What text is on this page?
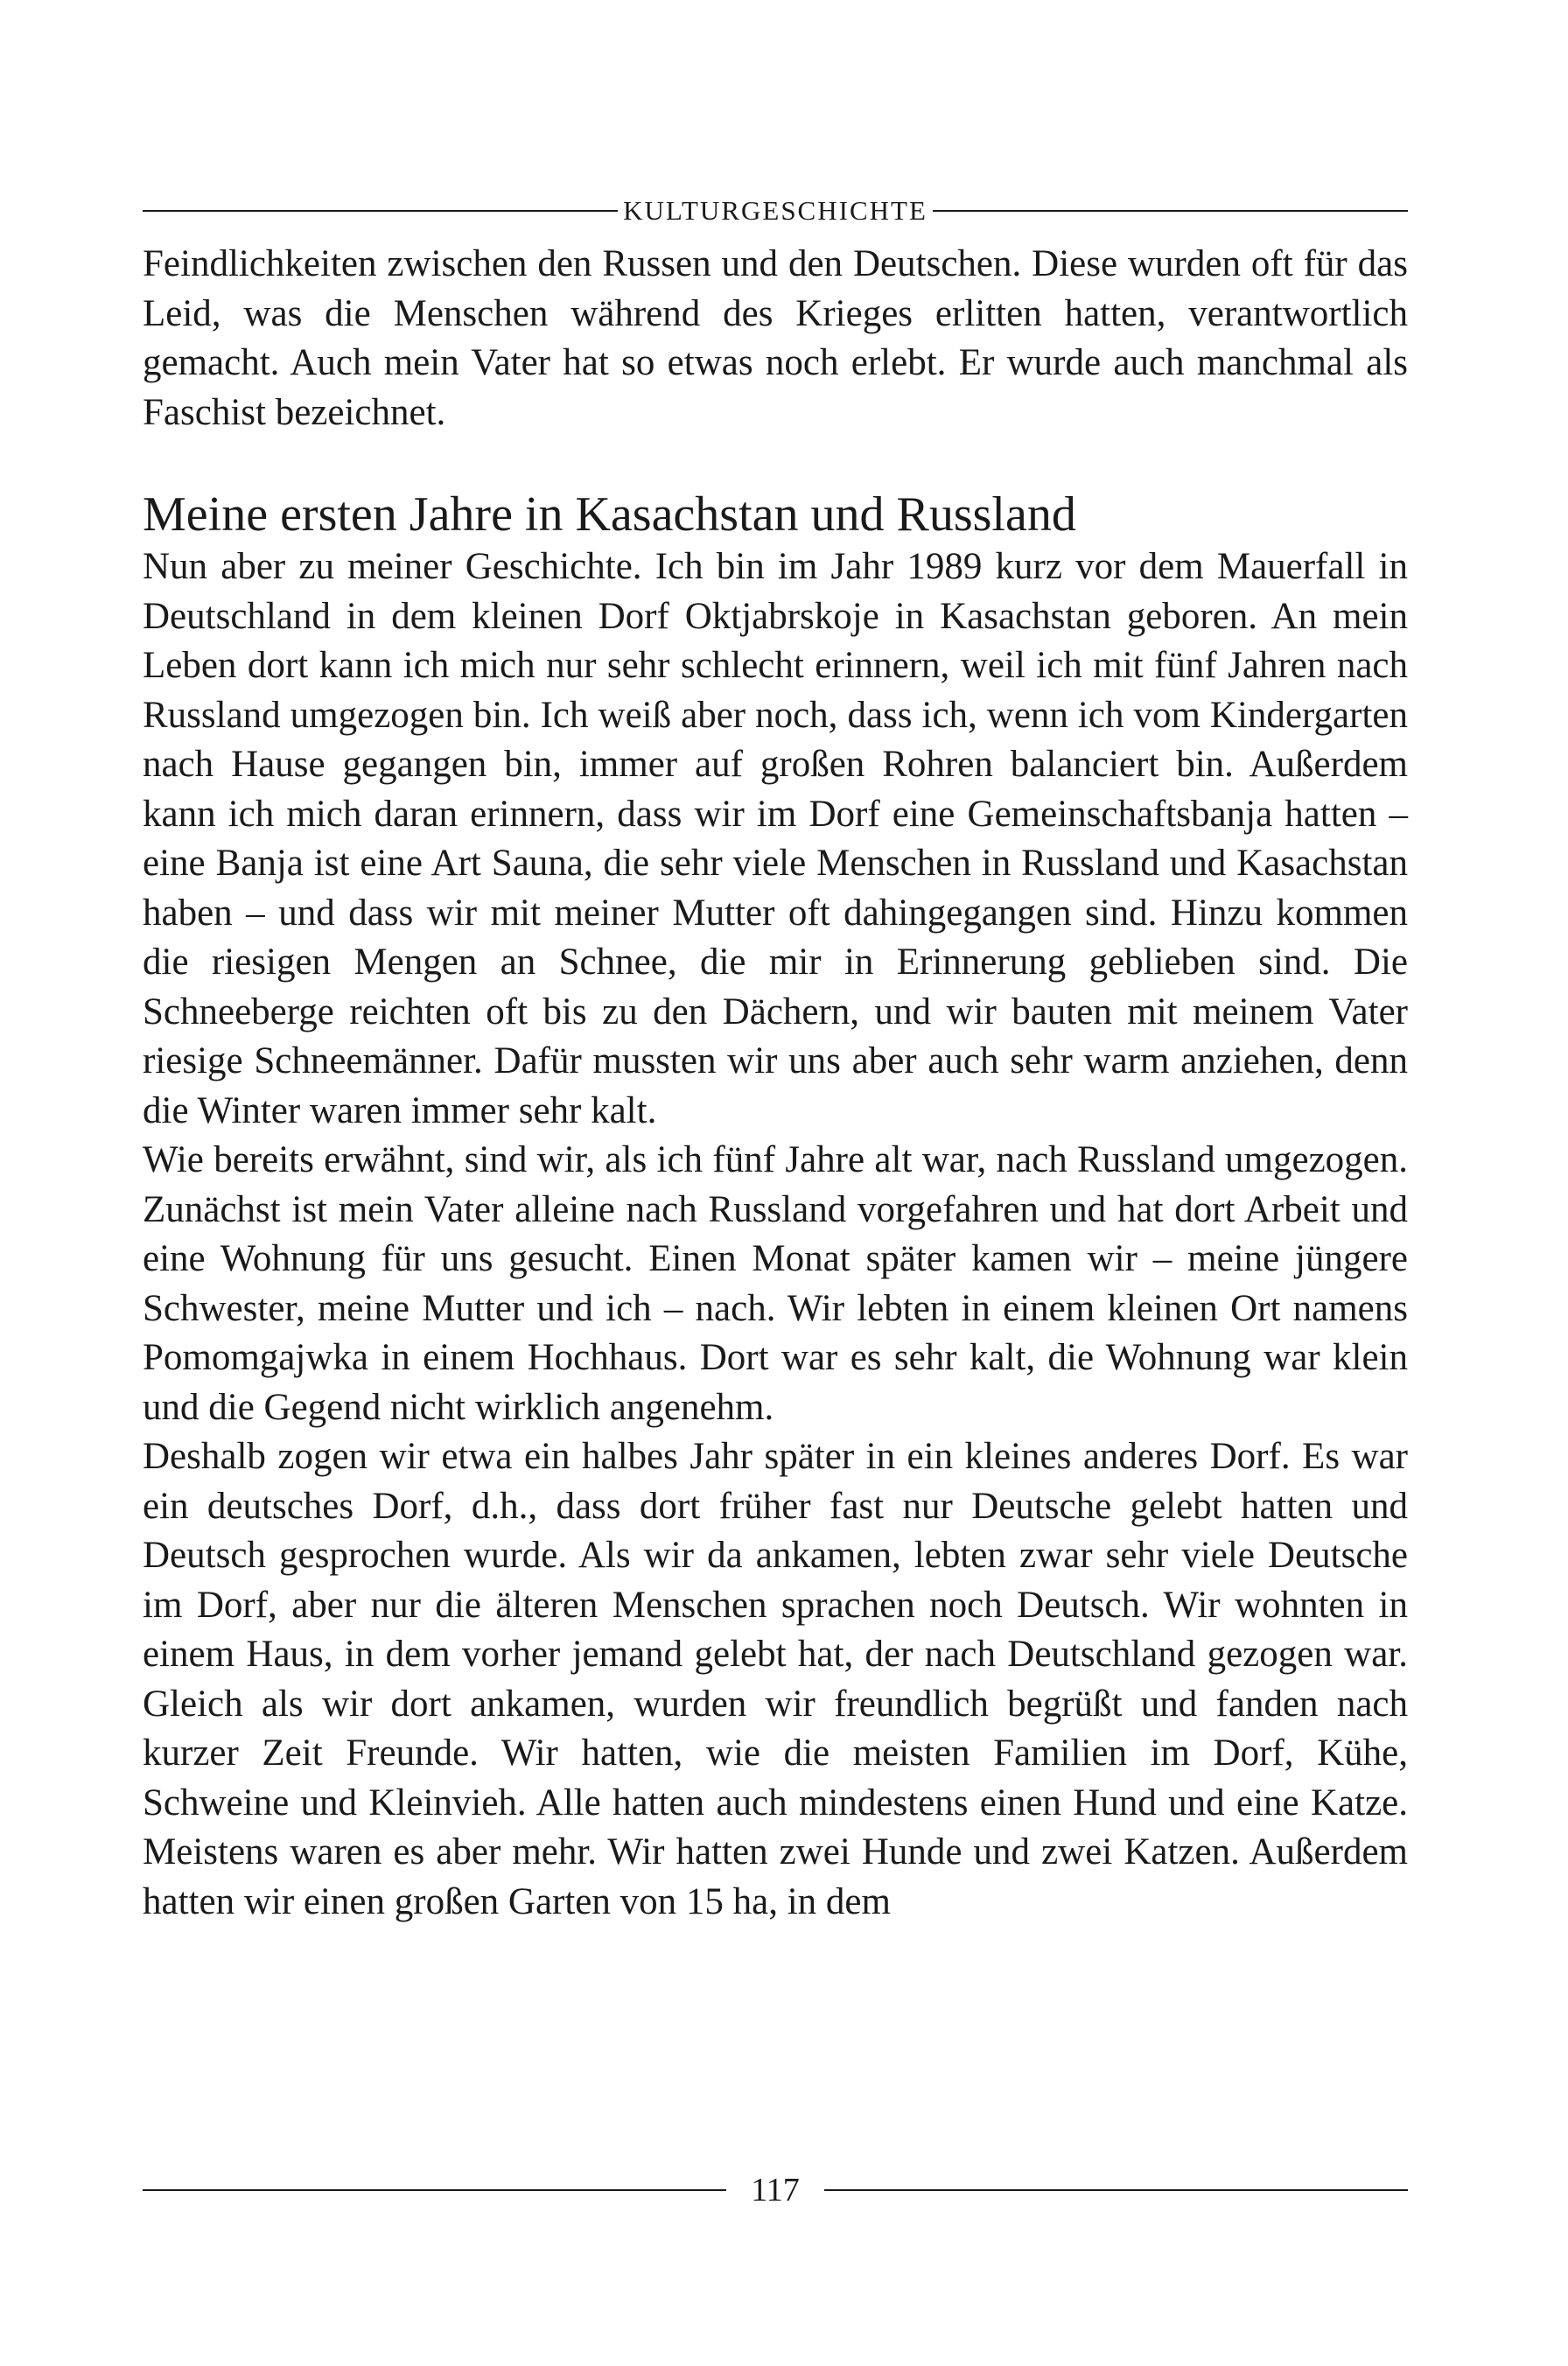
KULTURGESCHICHTE

Feindlichkeiten zwischen den Russen und den Deutschen. Diese wurden oft für das Leid, was die Menschen während des Krieges erlitten hatten, verantwortlich gemacht. Auch mein Vater hat so etwas noch erlebt. Er wurde auch manchmal als Faschist bezeichnet.

Meine ersten Jahre in Kasachstan und Russland

Nun aber zu meiner Geschichte. Ich bin im Jahr 1989 kurz vor dem Mauerfall in Deutschland in dem kleinen Dorf Oktjabrskoje in Kasachstan geboren. An mein Leben dort kann ich mich nur sehr schlecht erinnern, weil ich mit fünf Jahren nach Russland umgezogen bin. Ich weiß aber noch, dass ich, wenn ich vom Kindergarten nach Hause gegangen bin, immer auf großen Rohren balanciert bin. Außerdem kann ich mich daran erinnern, dass wir im Dorf eine Gemeinschaftsbanja hatten – eine Banja ist eine Art Sauna, die sehr viele Menschen in Russland und Kasachstan haben – und dass wir mit meiner Mutter oft dahingegangen sind. Hinzu kommen die riesigen Mengen an Schnee, die mir in Erinnerung geblieben sind. Die Schneeberge reichten oft bis zu den Dächern, und wir bauten mit meinem Vater riesige Schneemänner. Dafür mussten wir uns aber auch sehr warm anziehen, denn die Winter waren immer sehr kalt.

Wie bereits erwähnt, sind wir, als ich fünf Jahre alt war, nach Russland umgezogen. Zunächst ist mein Vater alleine nach Russland vorgefahren und hat dort Arbeit und eine Wohnung für uns gesucht. Einen Monat später kamen wir – meine jüngere Schwester, meine Mutter und ich – nach. Wir lebten in einem kleinen Ort namens Pomomgajwka in einem Hochhaus. Dort war es sehr kalt, die Wohnung war klein und die Gegend nicht wirklich angenehm.

Deshalb zogen wir etwa ein halbes Jahr später in ein kleines anderes Dorf. Es war ein deutsches Dorf, d.h., dass dort früher fast nur Deutsche gelebt hatten und Deutsch gesprochen wurde. Als wir da ankamen, lebten zwar sehr viele Deutsche im Dorf, aber nur die älteren Menschen sprachen noch Deutsch. Wir wohnten in einem Haus, in dem vorher jemand gelebt hat, der nach Deutschland gezogen war. Gleich als wir dort ankamen, wurden wir freundlich begrüßt und fanden nach kurzer Zeit Freunde. Wir hatten, wie die meisten Familien im Dorf, Kühe, Schweine und Kleinvieh. Alle hatten auch mindestens einen Hund und eine Katze. Meistens waren es aber mehr. Wir hatten zwei Hunde und zwei Katzen. Außerdem hatten wir einen großen Garten von 15 ha, in dem

117
